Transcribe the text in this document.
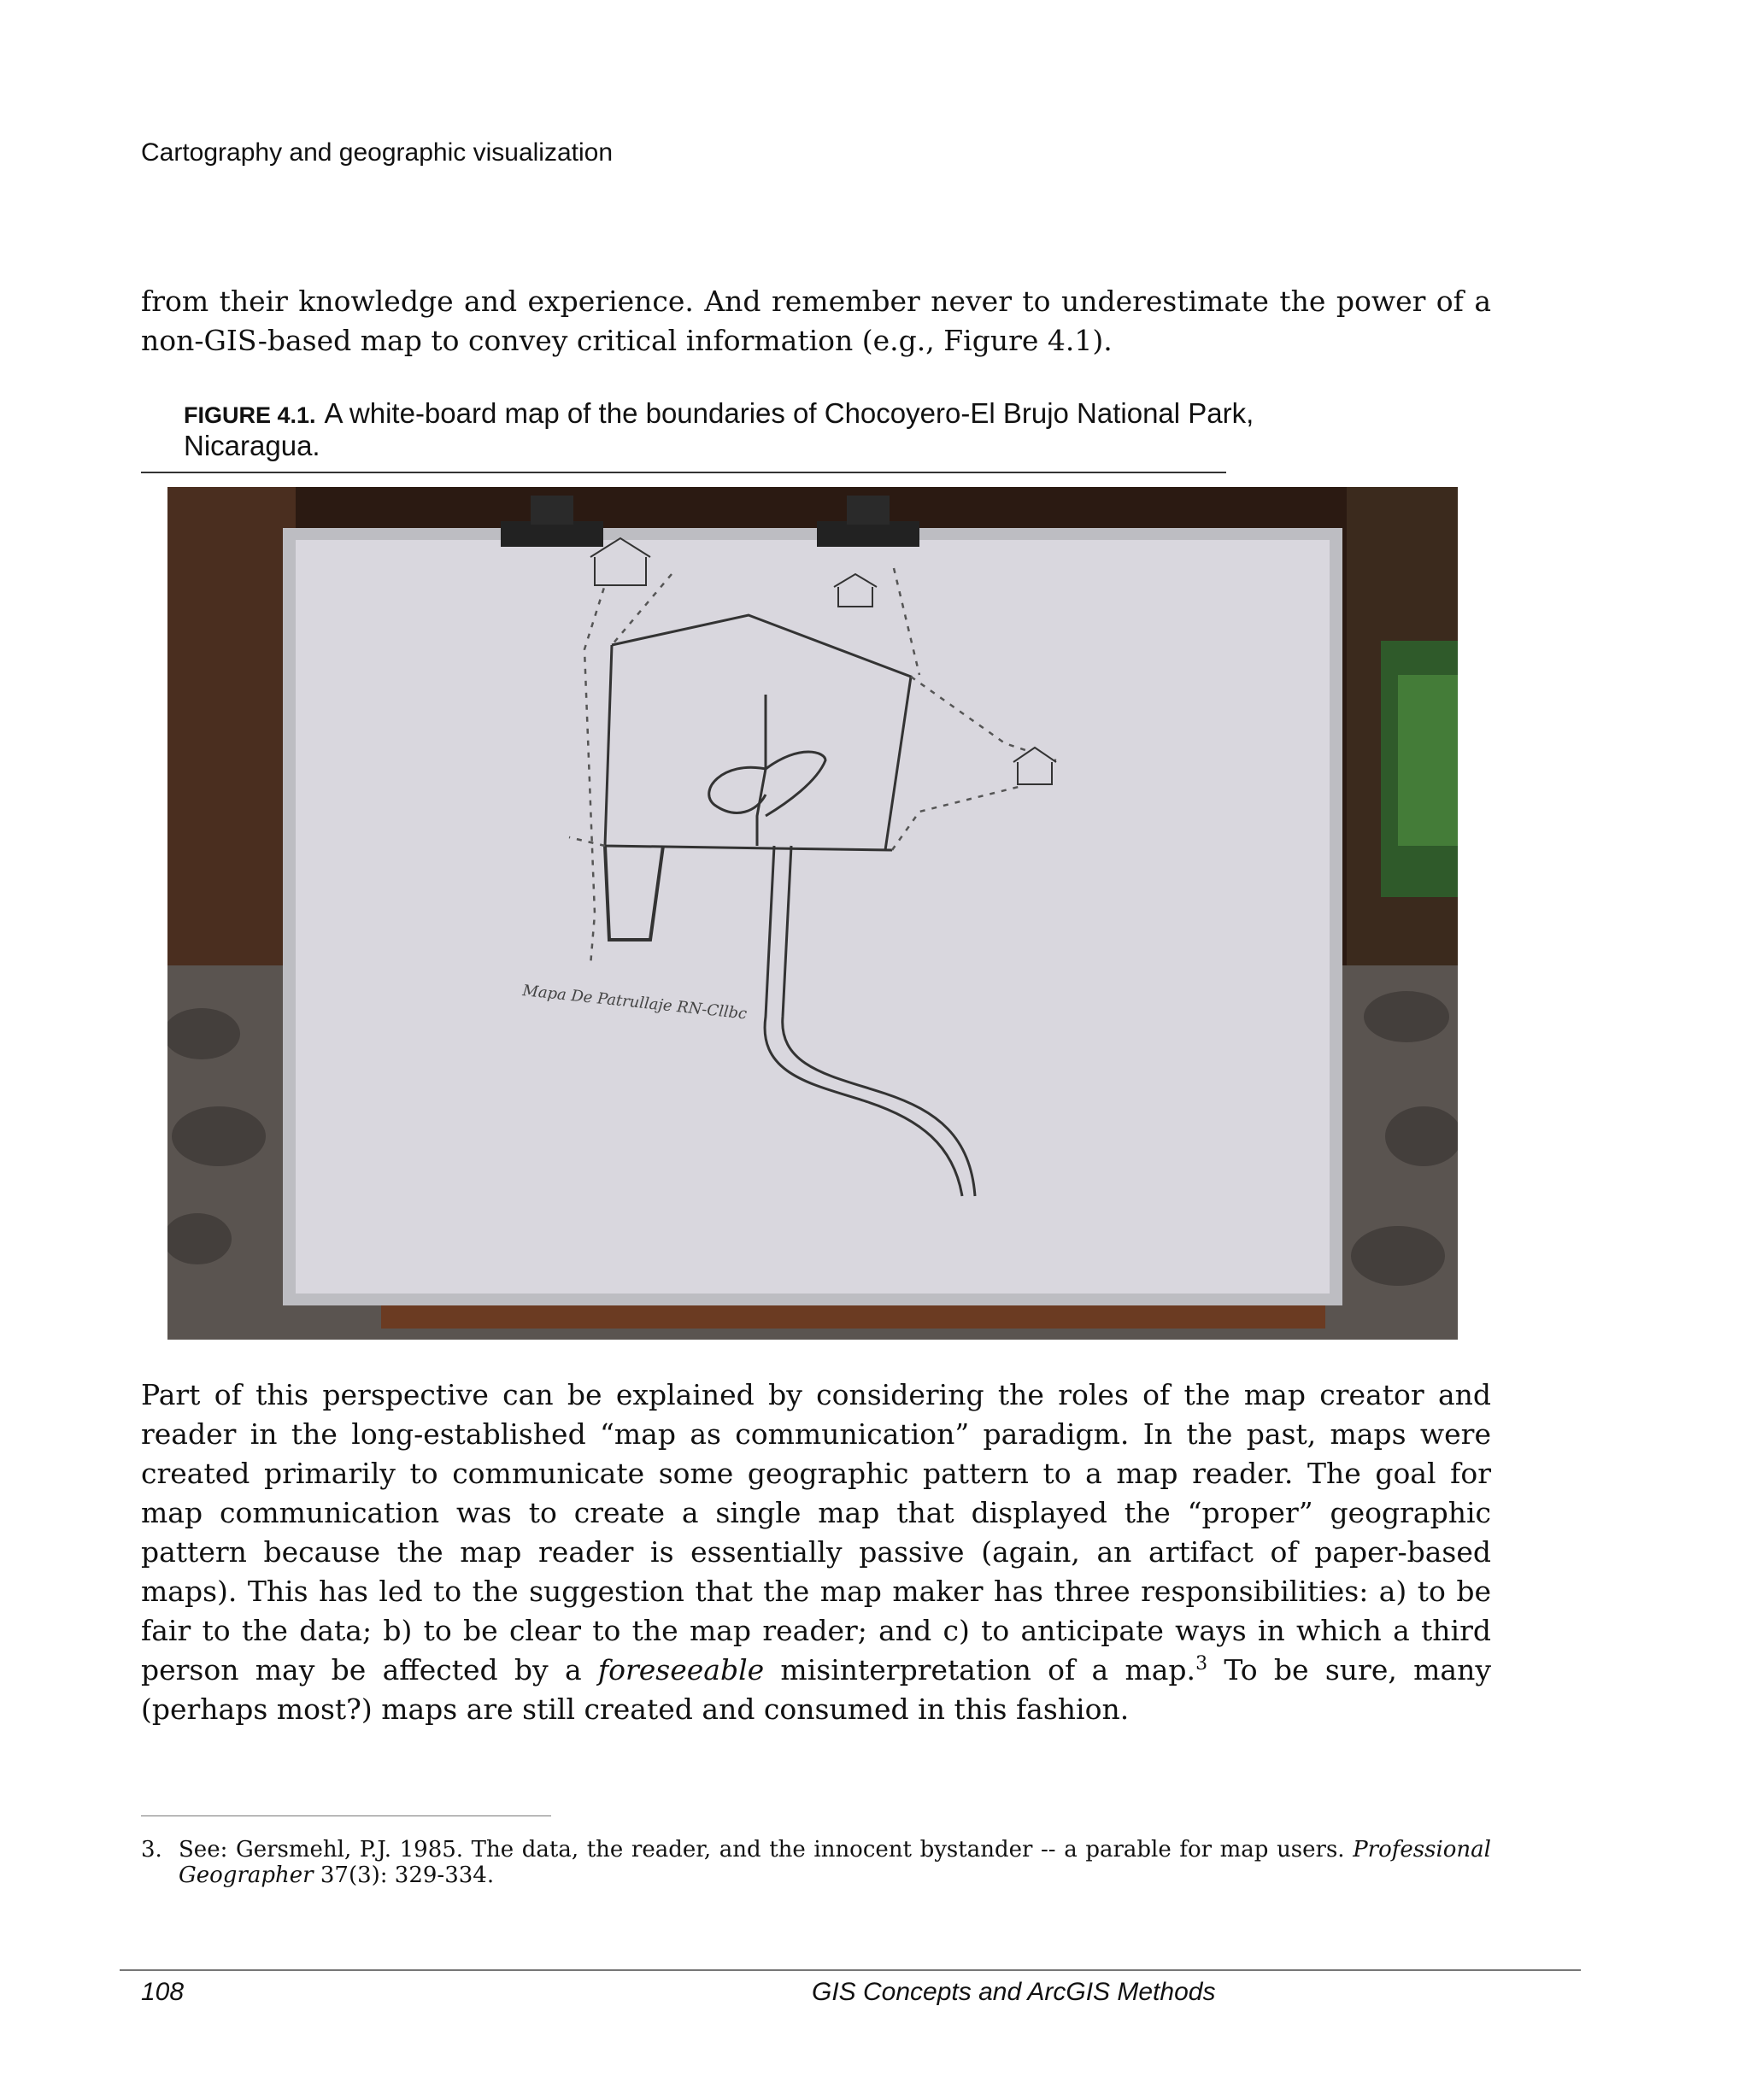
Cartography and geographic visualization

from their knowledge and experience. And remember never to underestimate the power of a non-GIS-based map to convey critical information (e.g., Figure 4.1).

FIGURE 4.1. A white-board map of the boundaries of Chocoyero-El Brujo National Park, Nicaragua.
Mapa De Patrullaje RN-Cllbc

Part of this perspective can be explained by considering the roles of the map creator and reader in the long-established “map as communication” paradigm. In the past, maps were created primarily to communicate some geographic pattern to a map reader. The goal for map communication was to create a single map that displayed the “proper” geographic pattern because the map reader is essentially passive (again, an artifact of paper-based maps). This has led to the suggestion that the map maker has three responsibilities: a) to be fair to the data; b) to be clear to the map reader; and c) to anticipate ways in which a third person may be affected by a foreseeable misinterpretation of a map.$^3$ To be sure, many (perhaps most?) maps are still created and consumed in this fashion.

3. See: Gersmehl, P.J. 1985. The data, the reader, and the innocent bystander -- a parable for map users. Professional Geographer 37(3): 329-334.
108	GIS Concepts and ArcGIS Methods
